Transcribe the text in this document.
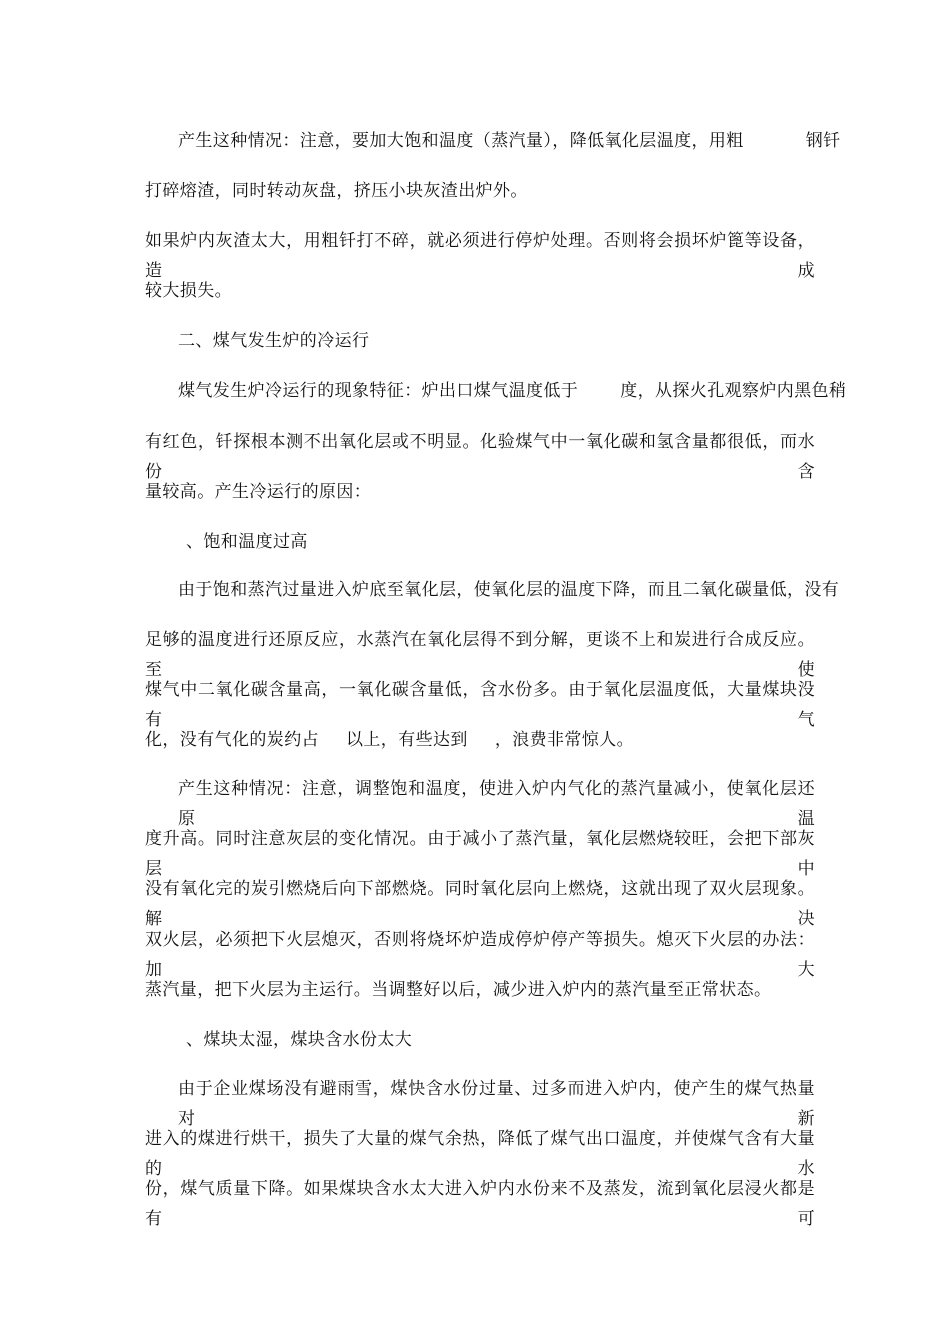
产生这种情况：注意，要加大饱和温度（蒸汽量），降低氧化层温度，用粗	钢钎
打碎熔渣，同时转动灰盘，挤压小块灰渣出炉外。
如果炉内灰渣太大，用粗钎打不碎，就必须进行停炉处理。否则将会损坏炉篦等设备，造成
较大损失。
二、煤气发生炉的冷运行
煤气发生炉冷运行的现象特征：炉出口煤气温度低于 度，从探火孔观察炉内黑色稍
有红色，钎探根本测不出氧化层或不明显。化验煤气中一氧化碳和氢含量都很低，而水份含
量较高。产生冷运行的原因：
、饱和温度过高
由于饱和蒸汽过量进入炉底至氧化层，使氧化层的温度下降，而且二氧化碳量低，没有
足够的温度进行还原反应，水蒸汽在氧化层得不到分解，更谈不上和炭进行合成反应。至使
煤气中二氧化碳含量高，一氧化碳含量低，含水份多。由于氧化层温度低，大量煤块没有气
化，没有气化的炭约占 以上，有些达到 ，浪费非常惊人。
产生这种情况：注意，调整饱和温度，使进入炉内气化的蒸汽量减小，使氧化层还原温
度升高。同时注意灰层的变化情况。由于减小了蒸汽量，氧化层燃烧较旺，会把下部灰层中
没有氧化完的炭引燃烧后向下部燃烧。同时氧化层向上燃烧，这就出现了双火层现象。解决
双火层，必须把下火层熄灭，否则将烧坏炉造成停炉停产等损失。熄灭下火层的办法：加大
蒸汽量，把下火层为主运行。当调整好以后，减少进入炉内的蒸汽量至正常状态。
、煤块太湿，煤块含水份太大
由于企业煤场没有避雨雪，煤快含水份过量、过多而进入炉内，使产生的煤气热量对新
进入的煤进行烘干，损失了大量的煤气余热，降低了煤气出口温度，并使煤气含有大量的水
份，煤气质量下降。如果煤块含水太大进入炉内水份来不及蒸发，流到氧化层浸火都是有可
